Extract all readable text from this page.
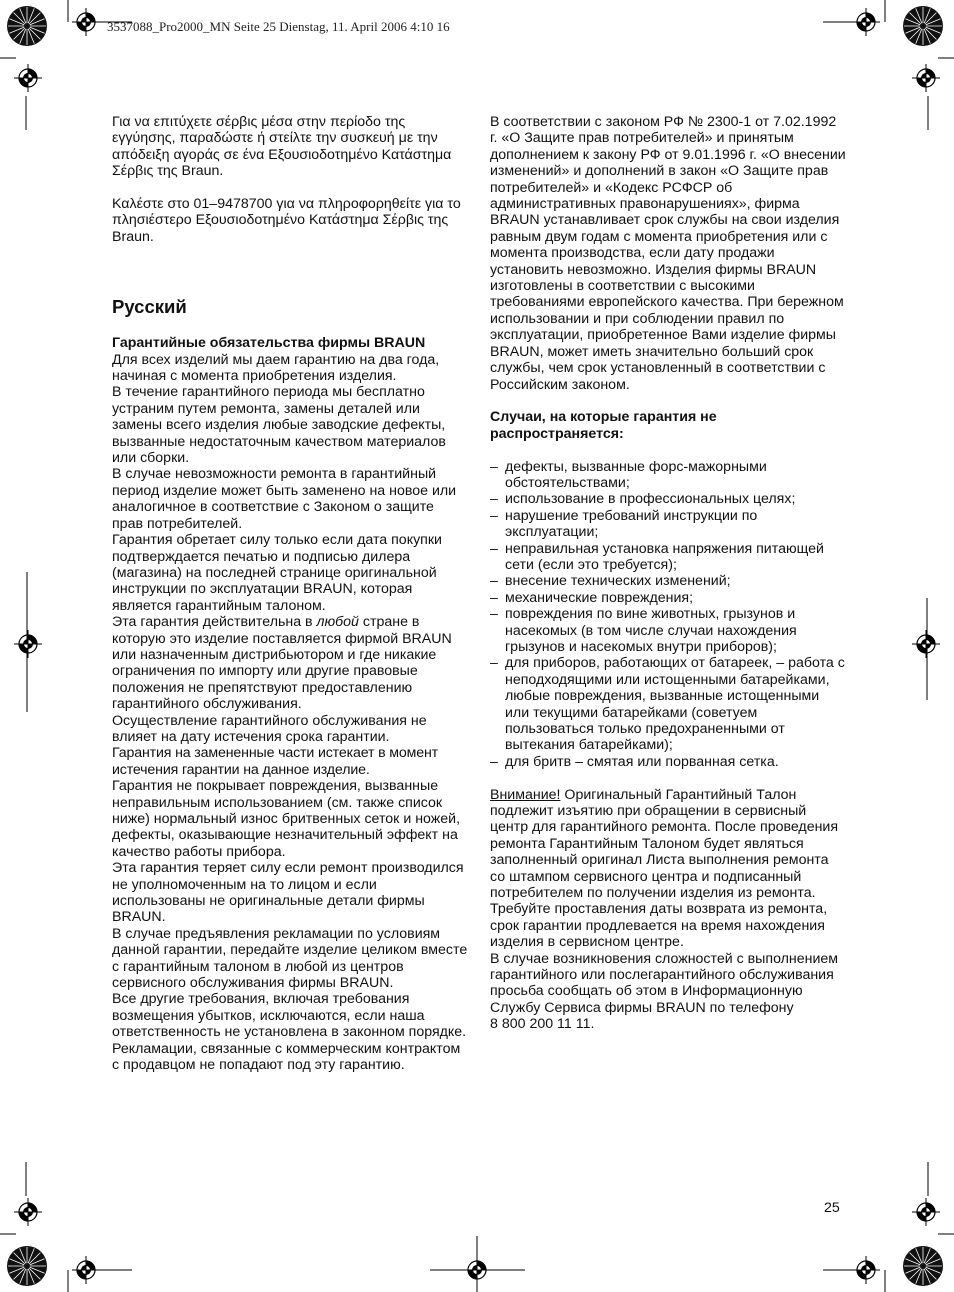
3537088_Pro2000_MN Seite 25 Dienstag, 11. April 2006 4:10 16

Για να επιτύχετε σέρβις μέσα στην περίοδο της εγγύησης, παραδώστε ή στείλτε την συσκευή με την απόδειξη αγοράς σε ένα Εξουσιοδοτημένο Κατάστημα Σέρβις της Braun.

Καλέστε στο 01–9478700 για να πληροφορηθείτε για το πλησιέστερο Εξουσιοδοτημένο Κατάστημα Σέρβις της Braun.

Русский

Гарантийные обязательства фирмы BRAUN

Для всех изделий мы даем гарантию на два года, начиная с момента приобретения изделия.

В течение гарантийного периода мы бесплатно устраним путем ремонта, замены деталей или замены всего изделия любые заводские дефекты, вызванные недостаточным качеством материалов или сборки.

В случае невозможности ремонта в гарантийный период изделие может быть заменено на новое или аналогичное в соответствие с Законом о защите прав потребителей.

Гарантия обретает силу только если дата покупки подтверждается печатью и подписью дилера (магазина) на последней странице оригинальной инструкции по эксплуатации BRAUN, которая является гарантийным талоном.

Эта гарантия действительна в любой стране в которую это изделие поставляется фирмой BRAUN или назначенным дистрибьютором и где никакие ограничения по импорту или другие правовые положения не препятствуют предоставлению гарантийного обслуживания.

Осуществление гарантийного обслуживания не влияет на дату истечения срока гарантии.

Гарантия на замененные части истекает в момент истечения гарантии на данное изделие.

Гарантия не покрывает повреждения, вызванные неправильным использованием (см. также список ниже) нормальный износ бритвенных сеток и ножей, дефекты, оказывающие незначительный эффект на качество работы прибора.

Эта гарантия теряет силу если ремонт производился не уполномоченным на то лицом и если использованы не оригинальные детали фирмы BRAUN.

В случае предъявления рекламации по условиям данной гарантии, передайте изделие целиком вместе с гарантийным талоном в любой из центров сервисного обслуживания фирмы BRAUN.

Все другие требования, включая требования возмещения убытков, исключаются, если наша ответственность не установлена в законном порядке.

Рекламации, связанные с коммерческим контрактом с продавцом не попадают под эту гарантию.

В соответствии с законом РФ № 2300-1 от 7.02.1992 г. «О Защите прав потребителей» и принятым дополнением к закону РФ от 9.01.1996 г. «О внесении изменений» и дополнений в закон «О Защите прав потребителей» и «Кодекс РСФСР об административных правонарушениях», фирма BRAUN устанавливает срок службы на свои изделия равным двум годам с момента приобретения или с момента производства, если дату продажи установить невозможно. Изделия фирмы BRAUN изготовлены в соответствии с высокими требованиями европейского качества. При бережном использовании и при соблюдении правил по эксплуатации, приобретенное Вами изделие фирмы BRAUN, может иметь значительно больший срок службы, чем срок установленный в соответствии с Российским законом.

Случаи, на которые гарантия не распространяется:

– дефекты, вызванные форс-мажорными обстоятельствами;
– использование в профессиональных целях;
– нарушение требований инструкции по эксплуатации;
– неправильная установка напряжения питающей сети (если это требуется);
– внесение технических изменений;
– механические повреждения;
– повреждения по вине животных, грызунов и насекомых (в том числе случаи нахождения грызунов и насекомых внутри приборов);
– для приборов, работающих от батареек, – работа с неподходящими или истощенными батарейками, любые повреждения, вызванные истощенными или текущими батарейками (советуем пользоваться только предохраненными от вытекания батарейками);
– для бритв – смятая или порванная сетка.

Внимание! Оригинальный Гарантийный Талон подлежит изъятию при обращении в сервисный центр для гарантийного ремонта. После проведения ремонта Гарантийным Талоном будет являться заполненный оригинал Листа выполнения ремонта со штампом сервисного центра и подписанный потребителем по получении изделия из ремонта. Требуйте проставления даты возврата из ремонта, срок гарантии продлевается на время нахождения изделия в сервисном центре.

В случае возникновения сложностей с выполнением гарантийного или послегарантийного обслуживания просьба сообщать об этом в Информационную Службу Сервиса фирмы BRAUN по телефону

8 800 200 11 11.

25
